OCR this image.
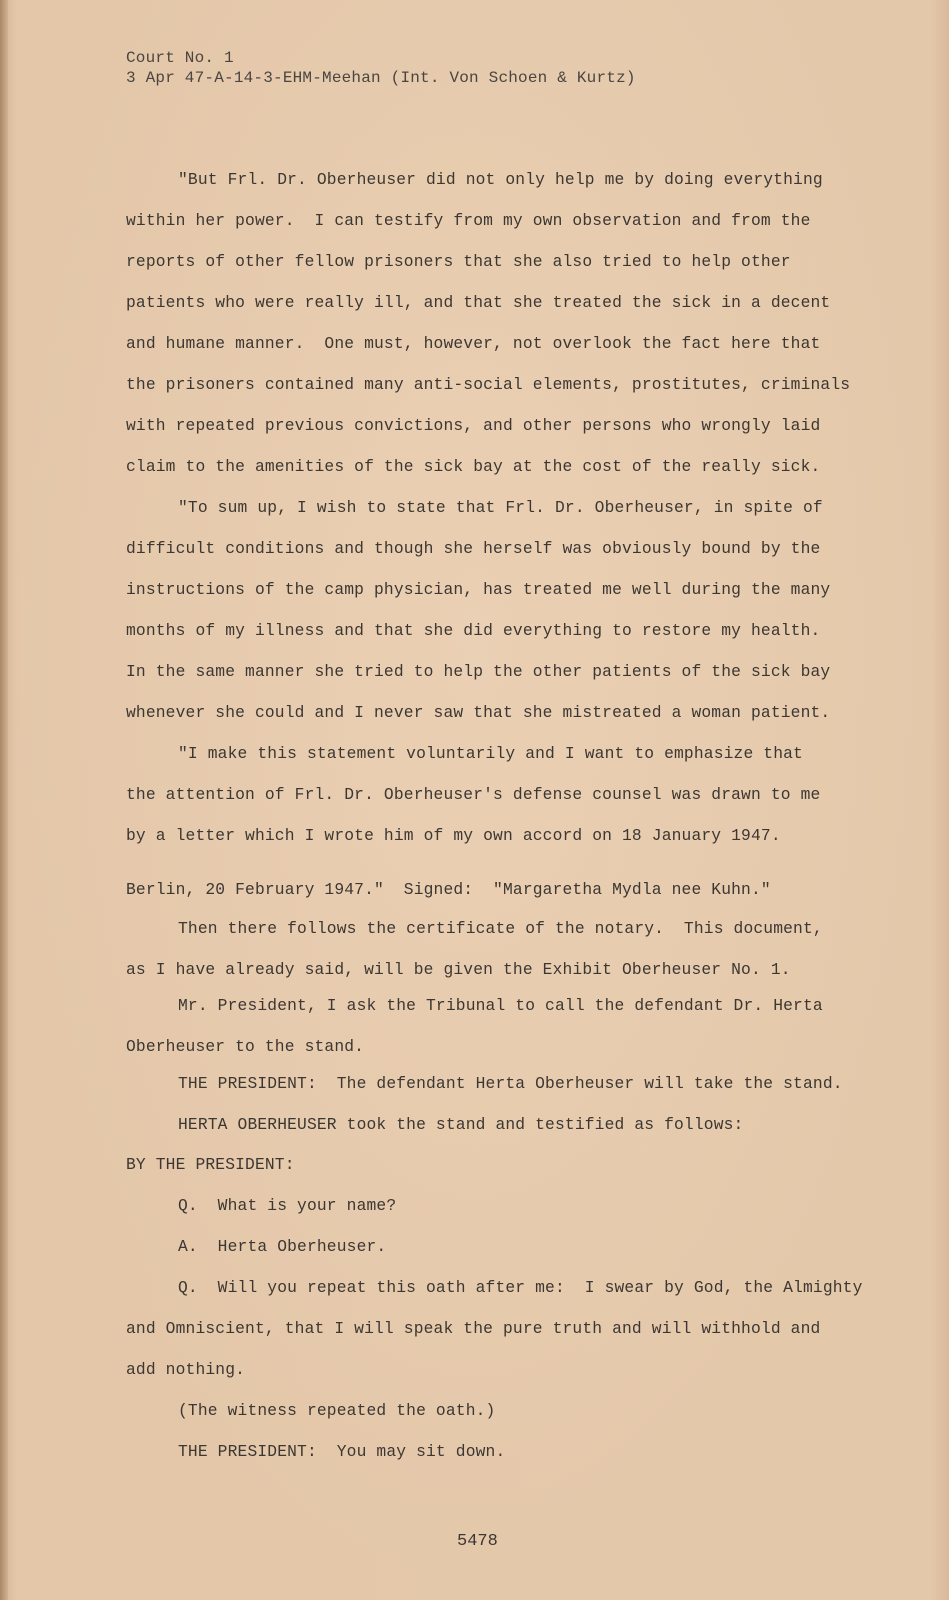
Court No. 1
3 Apr 47-A-14-3-EHM-Meehan (Int. Von Schoen & Kurtz)
"But Frl. Dr. Oberheuser did not only help me by doing everything
within her power.  I can testify from my own observation and from the
reports of other fellow prisoners that she also tried to help other
patients who were really ill, and that she treated the sick in a decent
and humane manner.  One must, however, not overlook the fact here that
the prisoners contained many anti-social elements, prostitutes, criminals
with repeated previous convictions, and other persons who wrongly laid
claim to the amenities of the sick bay at the cost of the really sick.
"To sum up, I wish to state that Frl. Dr. Oberheuser, in spite of
difficult conditions and though she herself was obviously bound by the
instructions of the camp physician, has treated me well during the many
months of my illness and that she did everything to restore my health.
In the same manner she tried to help the other patients of the sick bay
whenever she could and I never saw that she mistreated a woman patient.
"I make this statement voluntarily and I want to emphasize that
the attention of Frl. Dr. Oberheuser's defense counsel was drawn to me
by a letter which I wrote him of my own accord on 18 January 1947.
Berlin, 20 February 1947."  Signed:  "Margaretha Mydla nee Kuhn."
Then there follows the certificate of the notary.  This document,
as I have already said, will be given the Exhibit Oberheuser No. 1.
Mr. President, I ask the Tribunal to call the defendant Dr. Herta
Oberheuser to the stand.
THE PRESIDENT:  The defendant Herta Oberheuser will take the stand.
HERTA OBERHEUSER took the stand and testified as follows:
BY THE PRESIDENT:
Q.  What is your name?
A.  Herta Oberheuser.
Q.  Will you repeat this oath after me:  I swear by God, the Almighty
and Omniscient, that I will speak the pure truth and will withhold and
add nothing.
(The witness repeated the oath.)
THE PRESIDENT:  You may sit down.
5478
